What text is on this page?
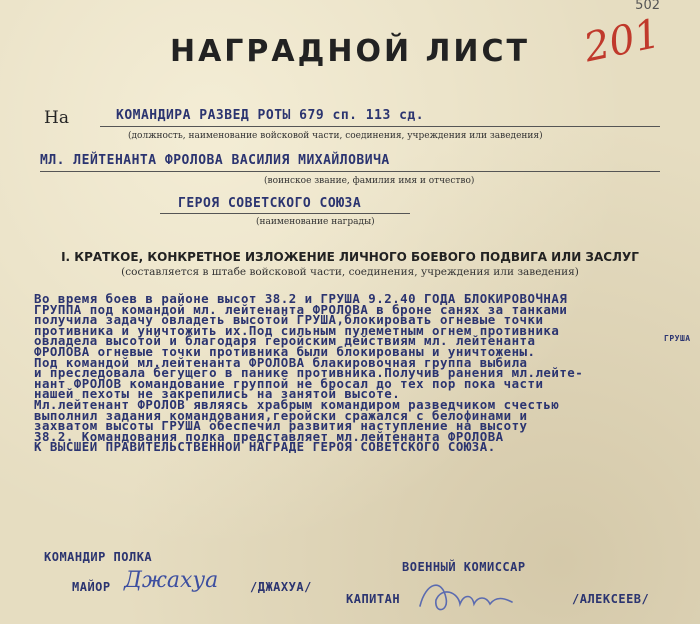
502
201
НАГРАДНОЙ ЛИСТ
На	КОМАНДИРА РАЗВЕД РОТЫ 679 сп. 113 сд.
(должность, наименование войсковой части, соединения, учреждения или заведения)
МЛ. ЛЕЙТЕНАНТА ФРОЛОВА ВАСИЛИЯ МИХАЙЛОВИЧА
(воинское звание, фамилия имя и отчество)
ГЕРОЯ СОВЕТСКОГО СОЮЗА
(наименование награды)
I. КРАТКОЕ, КОНКРЕТНОЕ ИЗЛОЖЕНИЕ ЛИЧНОГО БОЕВОГО ПОДВИГА ИЛИ ЗАСЛУГ
(составляется в штабе войсковой части, соединения, учреждения или заведения)
Во время боев в районе высот 38.2 и ГРУША 9.2.40 ГОДА БЛОКИРОВОЧНАЯ
ГРУППА под командой мл. лейтенанта ФРОЛОВА в броне санях за танками
получила задачу овладеть высотой ГРУША,блокировать огневые точки
противника и уничтожить их.Под сильным пулеметным огнем противника
овладела высотой и благодаря геройским действиям мл. лейтенанта
ФРОЛОВА огневые точки противника были блокированы и уничтожены.
Под командой мл.лейтенанта ФРОЛОВА блакировочная группа выбила
и преследовала бегущего в панике противника.Получив ранения мл.лейте-
нант ФРОЛОВ командование группой не бросал до тех пор пока части
нашей пехоты не закрепились на занятой высоте.
Мл.лейтенант ФРОЛОВ являясь храбрым командиром разведчиком счестью
выполнил задания командования,геройски сражался с белофинами и
захватом высоты ГРУША обеспечил развития наступление на высоту
38.2. Командования полка представляет мл.лейтенанта ФРОЛОВА
К ВЫСШЕЙ ПРАВИТЕЛЬСТВЕННОЙ НАГРАДЕ ГЕРОЯ СОВЕТСКОГО СОЮЗА.
ГРУША
КОМАНДИР ПОЛКА
МАЙОР Джахуа	/ДЖАХУА/
ВОЕННЫЙ КОМИССАР
КАПИТАН	/АЛЕКСЕЕВ/
